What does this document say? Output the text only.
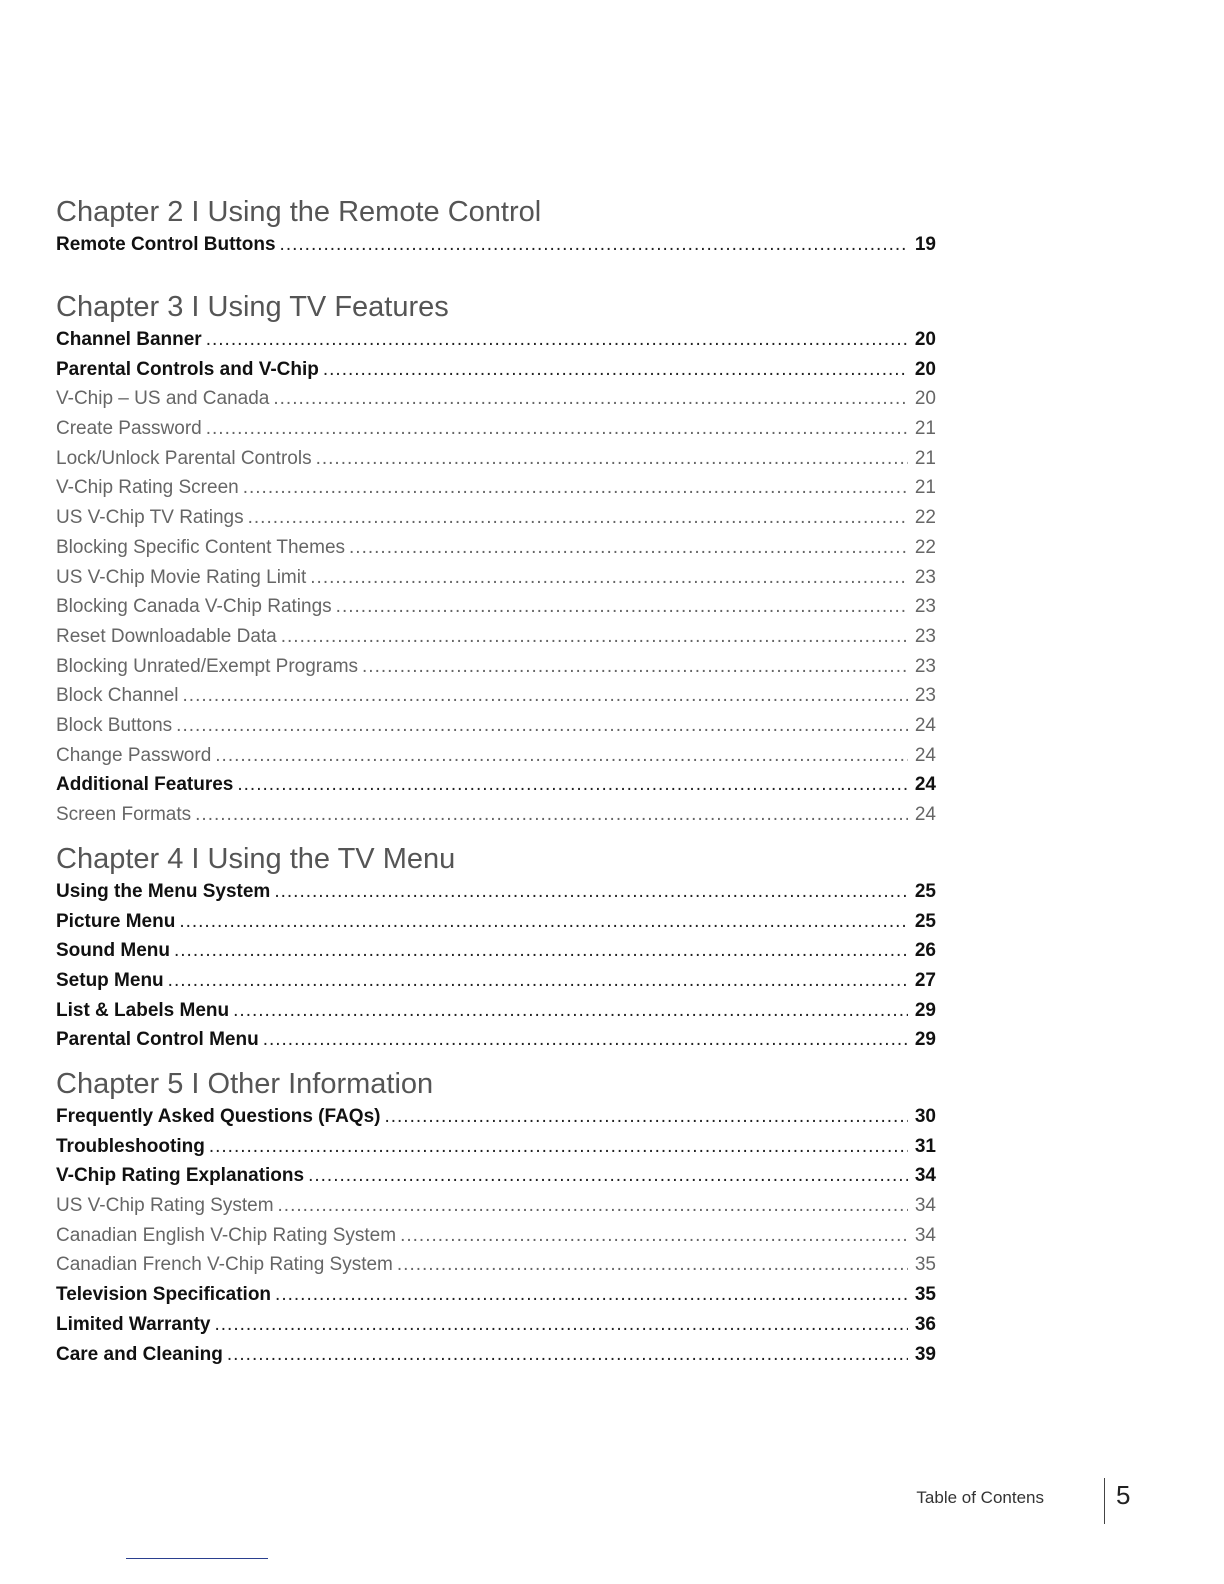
Chapter 2 I Using the Remote Control
Remote Control Buttons .....	19
Chapter 3 I Using TV Features
Channel Banner .....	20
Parental Controls and V-Chip .....	20
V-Chip – US and Canada .....	20
Create Password .....	21
Lock/Unlock Parental Controls .....	21
V-Chip Rating Screen .....	21
US V-Chip TV Ratings .....	22
Blocking Specific Content Themes .....	22
US V-Chip Movie Rating Limit .....	23
Blocking Canada V-Chip Ratings .....	23
Reset Downloadable Data .....	23
Blocking Unrated/Exempt Programs .....	23
Block Channel .....	23
Block Buttons .....	24
Change Password .....	24
Additional Features .....	24
Screen Formats .....	24
Chapter 4 I Using the TV Menu
Using the Menu System .....	25
Picture Menu .....	25
Sound Menu .....	26
Setup Menu .....	27
List & Labels Menu .....	29
Parental Control Menu .....	29
Chapter 5 I Other Information
Frequently Asked Questions (FAQs) .....	30
Troubleshooting .....	31
V-Chip Rating Explanations .....	34
US V-Chip Rating System .....	34
Canadian English V-Chip Rating System .....	34
Canadian French V-Chip Rating System .....	35
Television Specification .....	35
Limited Warranty .....	36
Care and Cleaning .....	39
Table of Contens	5
